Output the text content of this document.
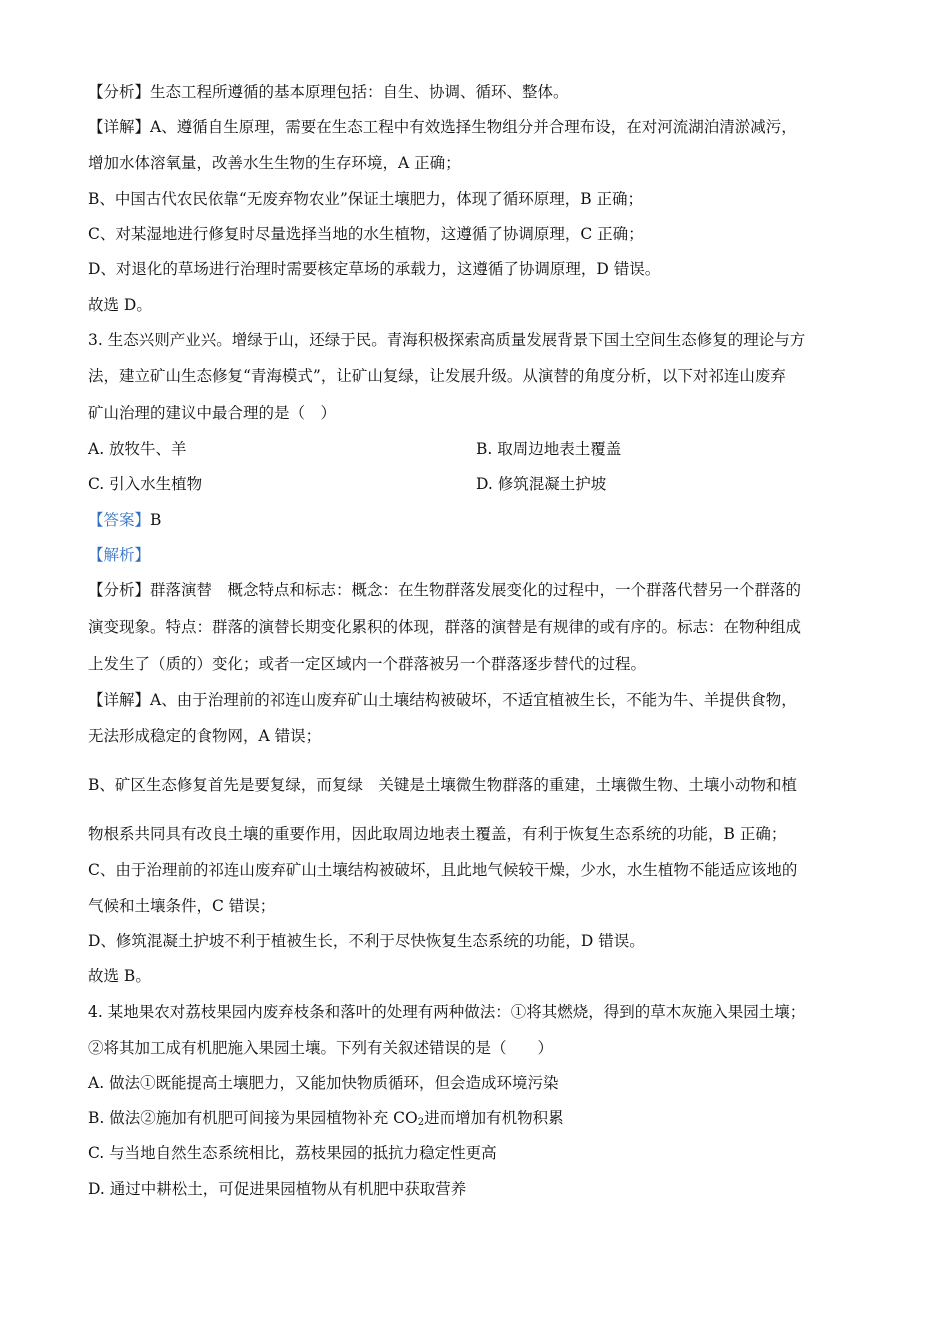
【分析】生态工程所遵循的基本原理包括：自生、协调、循环、整体。
【详解】A、遵循自生原理，需要在生态工程中有效选择生物组分并合理布设，在对河流湖泊清淤减污，
增加水体溶氧量，改善水生生物的生存环境，A 正确；
B、中国古代农民依靠“无废弃物农业”保证土壤肥力，体现了循环原理，B 正确；
C、对某湿地进行修复时尽量选择当地的水生植物，这遵循了协调原理，C 正确；
D、对退化的草场进行治理时需要核定草场的承载力，这遵循了协调原理，D 错误。
故选 D。
3. 生态兴则产业兴。增绿于山，还绿于民。青海积极探索高质量发展背景下国土空间生态修复的理论与方
法，建立矿山生态修复“青海模式”，让矿山复绿，让发展升级。从演替的角度分析，以下对祁连山废弃
矿山治理的建议中最合理的是（　）
A. 放牧牛、羊	B. 取周边地表土覆盖
C. 引入水生植物	D. 修筑混凝土护坡
【答案】B
【解析】
【分析】群落演替　概念特点和标志：概念：在生物群落发展变化的过程中，一个群落代替另一个群落的
演变现象。特点：群落的演替长期变化累积的体现，群落的演替是有规律的或有序的。标志：在物种组成
上发生了（质的）变化；或者一定区域内一个群落被另一个群落逐步替代的过程。
【详解】A、由于治理前的祁连山废弃矿山土壤结构被破坏，不适宜植被生长，不能为牛、羊提供食物，
无法形成稳定的食物网，A 错误；
B、矿区生态修复首先是要复绿，而复绿　关键是土壤微生物群落的重建，土壤微生物、土壤小动物和植
物根系共同具有改良土壤的重要作用，因此取周边地表土覆盖，有利于恢复生态系统的功能，B 正确；
C、由于治理前的祁连山废弃矿山土壤结构被破坏，且此地气候较干燥，少水，水生植物不能适应该地的
气候和土壤条件，C 错误；
D、修筑混凝土护坡不利于植被生长，不利于尽快恢复生态系统的功能，D 错误。
故选 B。
4. 某地果农对荔枝果园内废弃枝条和落叶的处理有两种做法：①将其燃烧，得到的草木灰施入果园土壤；
②将其加工成有机肥施入果园土壤。下列有关叙述错误的是（　　）
A. 做法①既能提高土壤肥力，又能加快物质循环，但会造成环境污染
B. 做法②施加有机肥可间接为果园植物补充 $CO_2$进而增加有机物积累
C. 与当地自然生态系统相比，荔枝果园的抵抗力稳定性更高
D. 通过中耕松土，可促进果园植物从有机肥中获取营养
